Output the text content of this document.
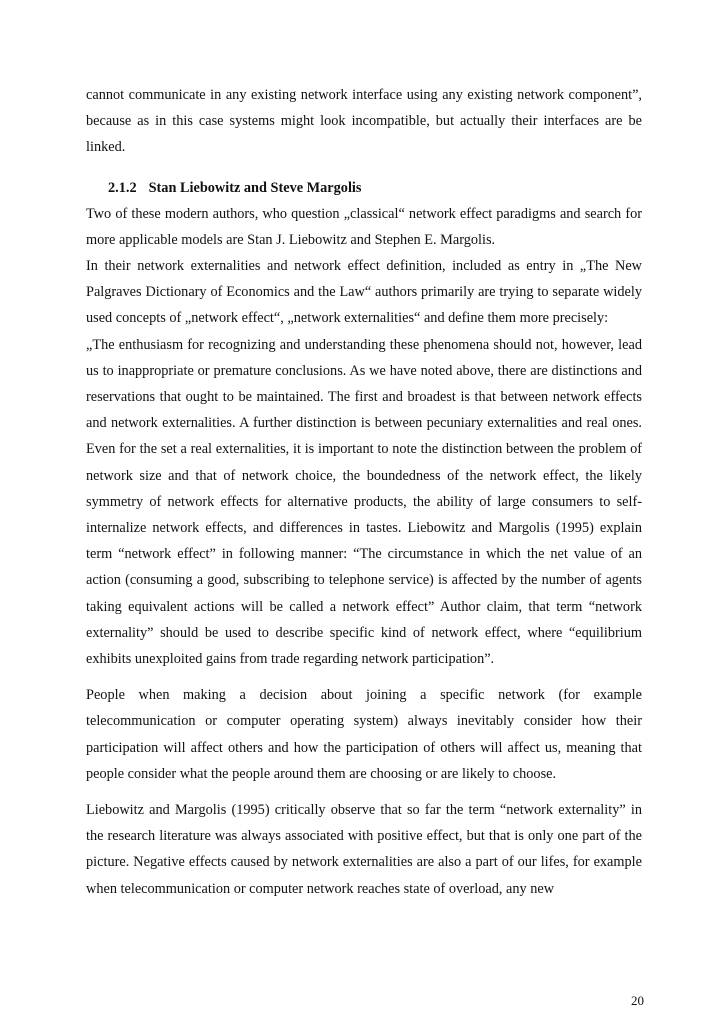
cannot communicate in any existing network interface using any existing network component”, because as in this case systems might look incompatible, but actually their interfaces are be linked.

2.1.2 Stan Liebowitz and Steve Margolis

Two of these modern authors, who question „classical“ network effect paradigms and search for more applicable models are Stan J. Liebowitz and Stephen E. Margolis.

In their network externalities and network effect definition, included as entry in „The New Palgraves Dictionary of Economics and the Law“ authors primarily are trying to separate widely used concepts of „network effect“, „network externalities“ and define them more precisely:

„The enthusiasm for recognizing and understanding these phenomena should not, however, lead us to inappropriate or premature conclusions. As we have noted above, there are distinctions and reservations that ought to be maintained. The first and broadest is that between network effects and network externalities. A further distinction is between pecuniary externalities and real ones. Even for the set a real externalities, it is important to note the distinction between the problem of network size and that of network choice, the boundedness of the network effect, the likely symmetry of network effects for alternative products, the ability of large consumers to self-internalize network effects, and differences in tastes. Liebowitz and Margolis (1995) explain term “network effect” in following manner: “The circumstance in which the net value of an action (consuming a good, subscribing to telephone service) is affected by the number of agents taking equivalent actions will be called a network effect” Author claim, that term “network externality” should be used to describe specific kind of network effect, where “equilibrium exhibits unexploited gains from trade regarding network participation”.

People when making a decision about joining a specific network (for example telecommunication or computer operating system) always inevitably consider how their participation will affect others and how the participation of others will affect us, meaning that people consider what the people around them are choosing or are likely to choose.

Liebowitz and Margolis (1995) critically observe that so far the term “network externality” in the research literature was always associated with positive effect, but that is only one part of the picture. Negative effects caused by network externalities are also a part of our lifes, for example when telecommunication or computer network reaches state of overload, any new

20
